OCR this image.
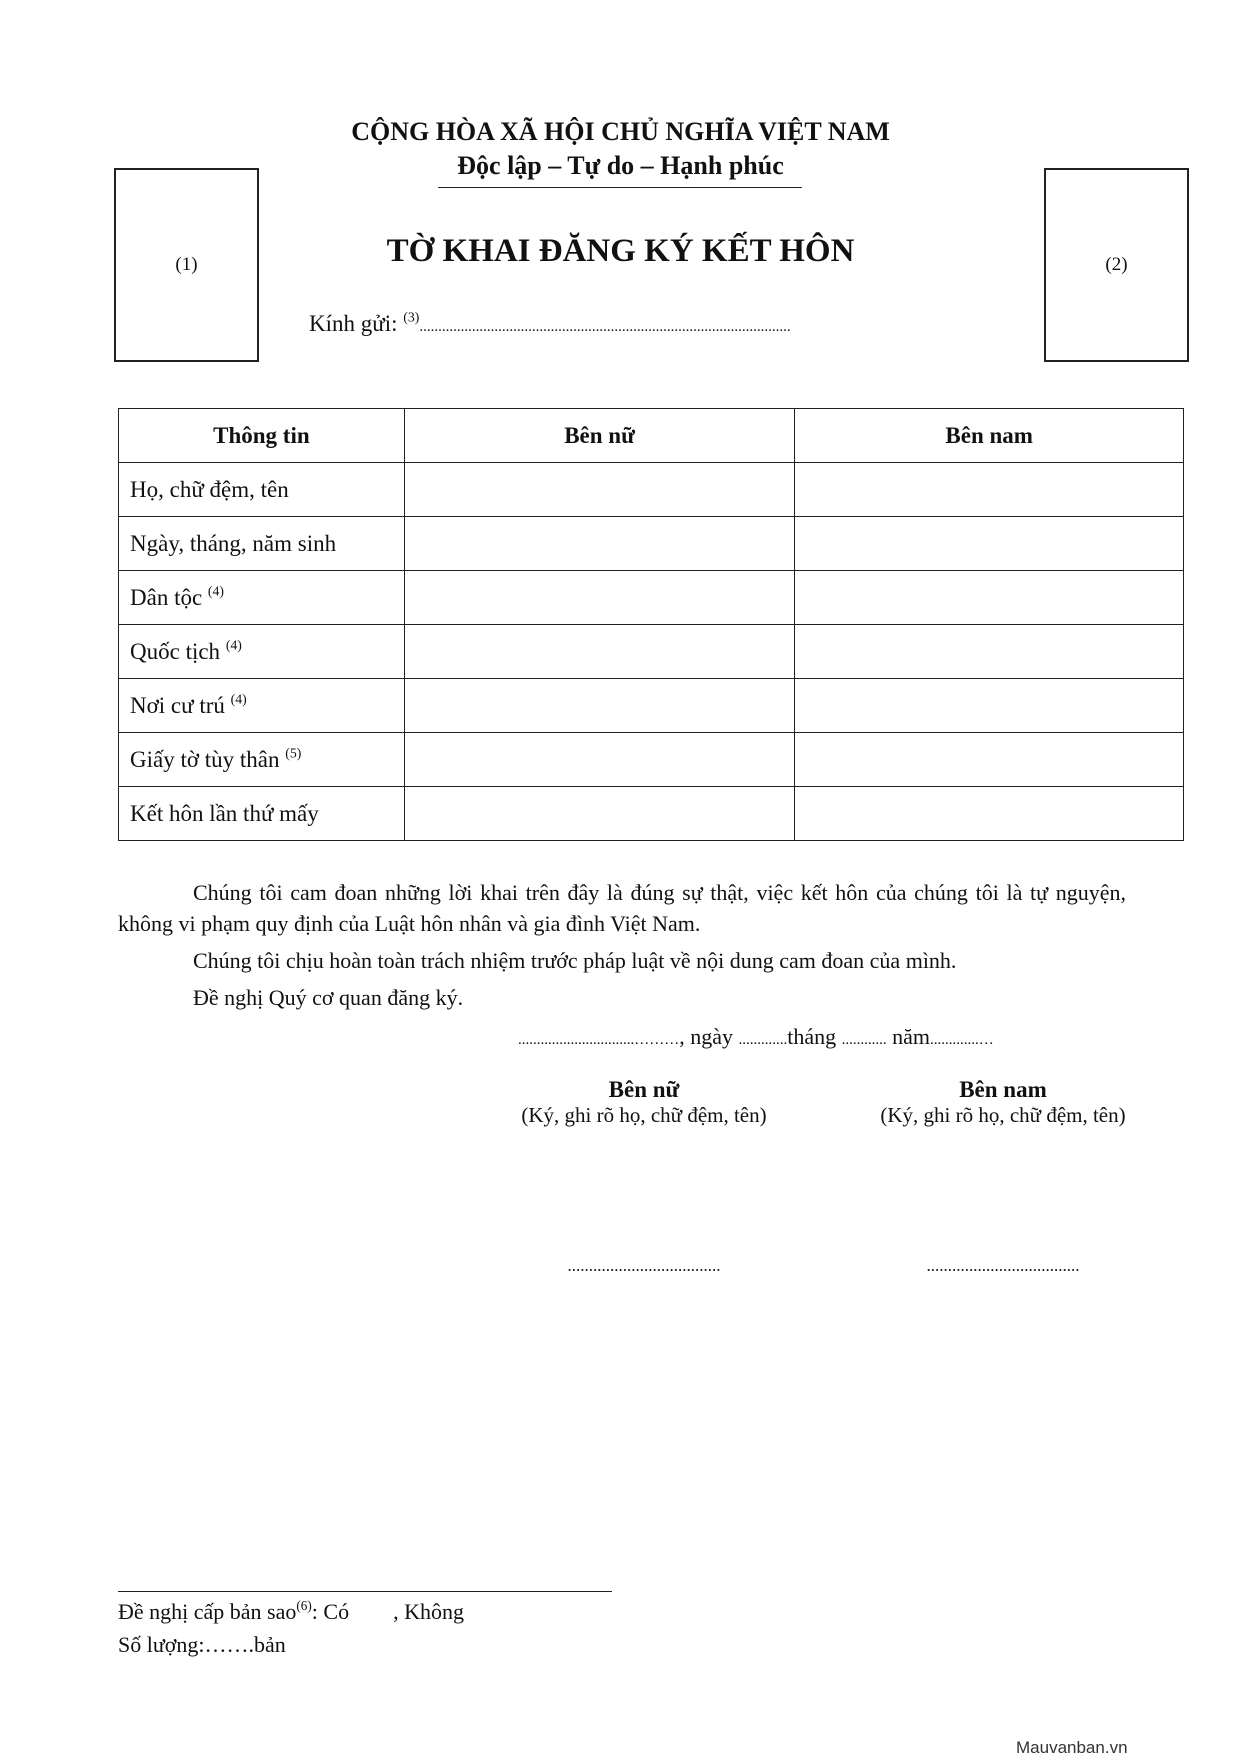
CỘNG HÒA XÃ HỘI CHỦ NGHĨA VIỆT NAM
Độc lập – Tự do – Hạnh phúc
(1)	(2)
TỜ KHAI ĐĂNG KÝ KẾT HÔN
Kính gửi: $^{(3)}$...................................................................................................
Thông tin	Bên nữ	Bên nam
Họ, chữ đệm, tên		
Ngày, tháng, năm sinh		
Dân tộc $^{(4)}$		
Quốc tịch $^{(4)}$		
Nơi cư trú $^{(4)}$		
Giấy tờ tùy thân $^{(5)}$		
Kết hôn lần thứ mấy		
Chúng tôi cam đoan những lời khai trên đây là đúng sự thật, việc kết hôn của chúng tôi là tự nguyện, không vi phạm quy định của Luật hôn nhân và gia đình Việt Nam.
Chúng tôi chịu hoàn toàn trách nhiệm trước pháp luật về nội dung cam đoan của mình.
Đề nghị Quý cơ quan đăng ký.
...............................………, ngày .............tháng ............ năm.............…
Bên nữ
(Ký, ghi rõ họ, chữ đệm, tên)
Bên nam
(Ký, ghi rõ họ, chữ đệm, tên)
....................................	....................................
Đề nghị cấp bản sao$^{(6)}$: Có        , Không
Số lượng:…….bản
Mauvanban.vn
